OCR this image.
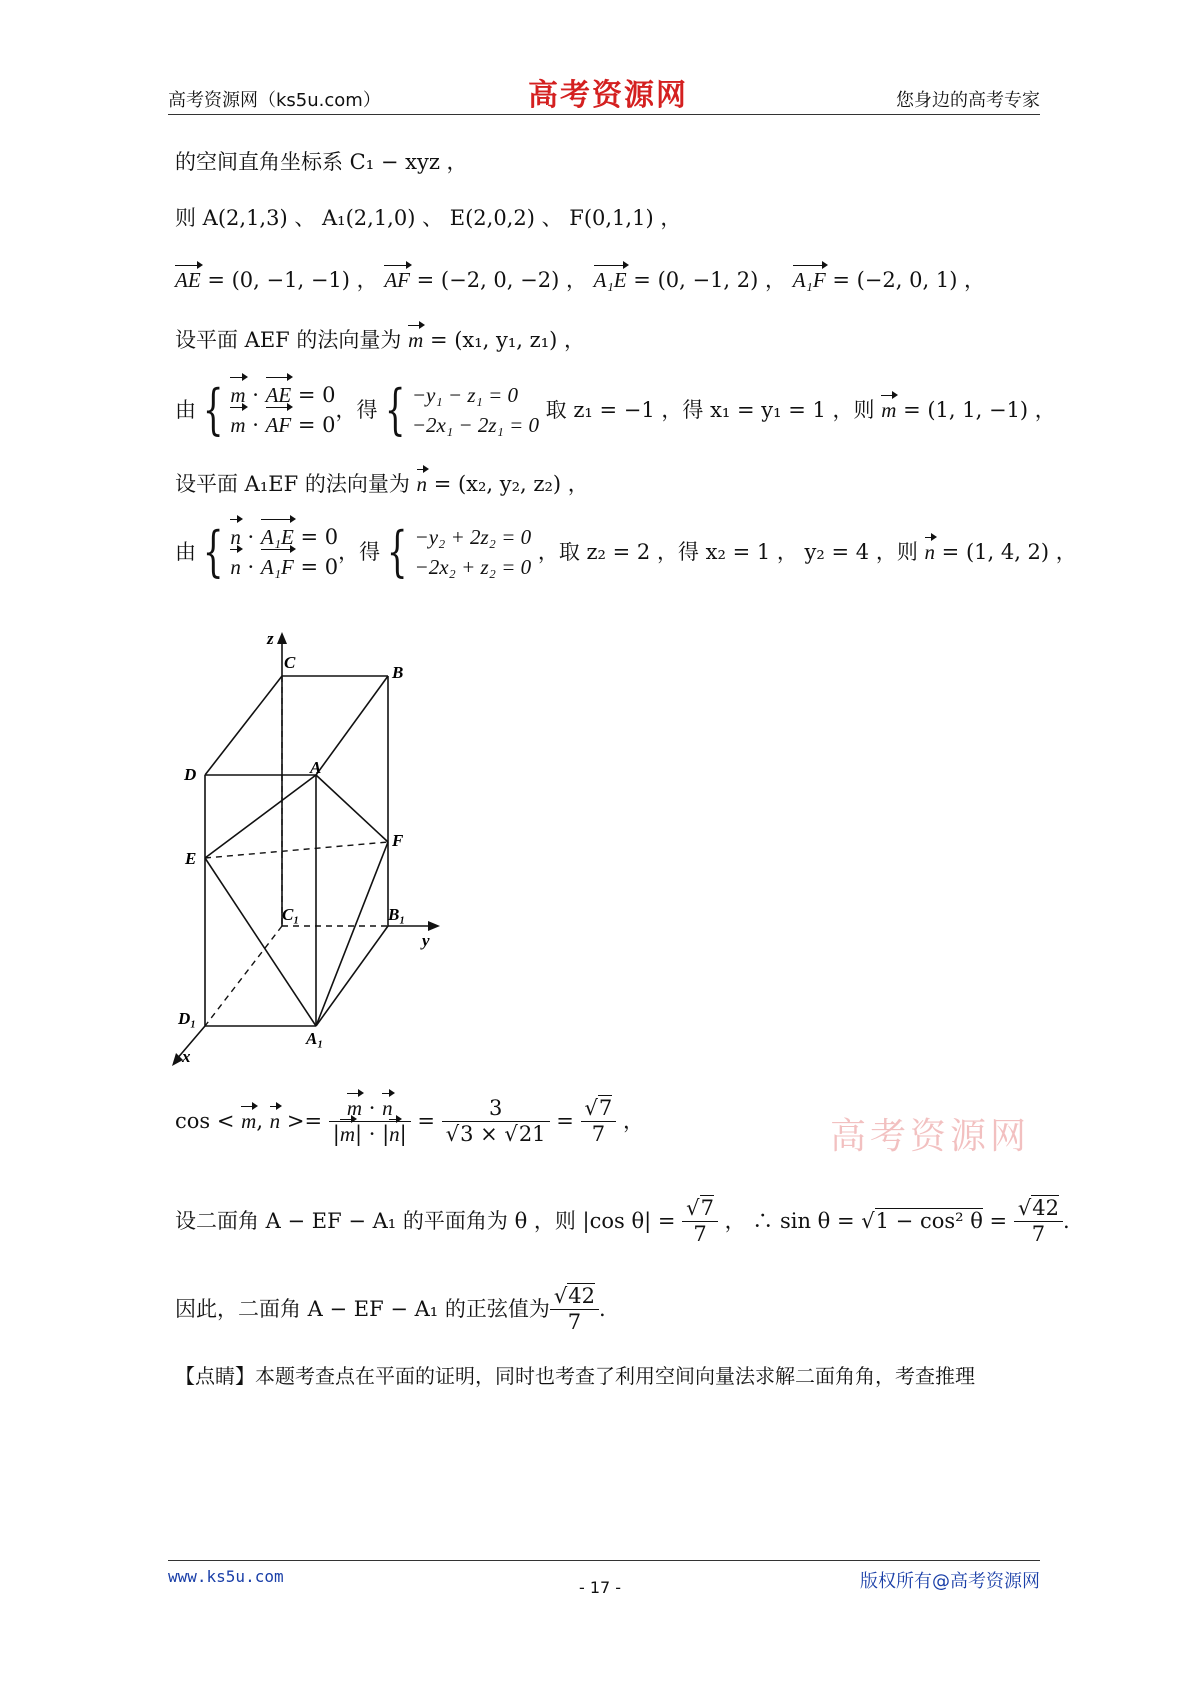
高考资源网（ks5u.com）	高考资源网	您身边的高考专家
的空间直角坐标系 C₁ − xyz ，
则 A(2,1,3) 、 A₁(2,1,0) 、 E(2,0,2) 、 F(0,1,1) ，
AE = (0, −1, −1) ， AF = (−2, 0, −2) ， A₁E = (0, −1, 2) ， A₁F = (−2, 0, 1) ，
设平面 AEF 的法向量为 m = (x₁, y₁, z₁) ，
由 { m · AE = 0
m · AF = 0
，得 { −y₁ − z₁ = 0
−2x₁ − 2z₁ = 0
取 z₁ = −1 ，得 x₁ = y₁ = 1 ，则 m = (1, 1, −1) ，
设平面 A₁EF 的法向量为 n = (x₂, y₂, z₂) ，
由 { n · A₁E = 0
n · A₁F = 0
，得 { −y₂ + 2z₂ = 0
−2x₂ + z₂ = 0
，取 z₂ = 2 ，得 x₂ = 1 ， y₂ = 4 ，则 n = (1, 4, 2) ，
z
C
B
D	A
E
F
C₁	B₁
y
D₁
A₁
x
高考资源网
cos < m, $n >= \frac{m \cdot n}{|m| \cdot |n|} = \frac{3}{√3 \times √21} = \frac{√7}{7}$ ，
设二面角 A − EF − A₁ 的平面角为 θ ，则 |cos $\theta| = \frac{√7}{7}$ ， ∴ sin θ = √1 − cos² $\theta = \frac{√42}{7}$ .
因此，二面角 A − EF − A₁ 的正弦值为 $\frac{√42}{7}$ .
【点睛】本题考查点在平面的证明，同时也考查了利用空间向量法求解二面角角，考查推理
www.ks5u.com	版权所有@高考资源网
- 17 -
